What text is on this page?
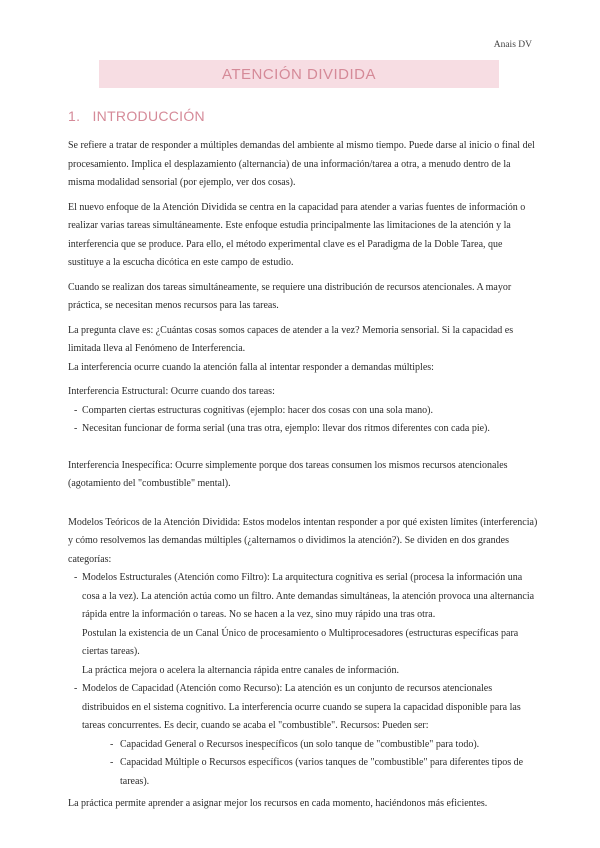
Anais DV
ATENCIÓN DIVIDIDA
1. INTRODUCCIÓN

Se refiere a tratar de responder a múltiples demandas del ambiente al mismo tiempo. Puede darse al inicio o final del procesamiento. Implica el desplazamiento (alternancia) de una información/tarea a otra, a menudo dentro de la misma modalidad sensorial (por ejemplo, ver dos cosas).

El nuevo enfoque de la Atención Dividida se centra en la capacidad para atender a varias fuentes de información o realizar varias tareas simultáneamente. Este enfoque estudia principalmente las limitaciones de la atención y la interferencia que se produce. Para ello, el método experimental clave es el Paradigma de la Doble Tarea, que sustituye a la escucha dicótica en este campo de estudio.

Cuando se realizan dos tareas simultáneamente, se requiere una distribución de recursos atencionales. A mayor práctica, se necesitan menos recursos para las tareas.

La pregunta clave es: ¿Cuántas cosas somos capaces de atender a la vez? Memoria sensorial. Si la capacidad es limitada lleva al Fenómeno de Interferencia.

La interferencia ocurre cuando la atención falla al intentar responder a demandas múltiples:

Interferencia Estructural: Ocurre cuando dos tareas:

- Comparten ciertas estructuras cognitivas (ejemplo: hacer dos cosas con una sola mano).
- Necesitan funcionar de forma serial (una tras otra, ejemplo: llevar dos ritmos diferentes con cada pie).

Interferencia Inespecífica: Ocurre simplemente porque dos tareas consumen los mismos recursos atencionales (agotamiento del "combustible" mental).

Modelos Teóricos de la Atención Dividida: Estos modelos intentan responder a por qué existen límites (interferencia) y cómo resolvemos las demandas múltiples (¿alternamos o dividimos la atención?). Se dividen en dos grandes categorías:

- Modelos Estructurales (Atención como Filtro): La arquitectura cognitiva es serial (procesa la información una cosa a la vez). La atención actúa como un filtro. Ante demandas simultáneas, la atención provoca una alternancia rápida entre la información o tareas. No se hacen a la vez, sino muy rápido una tras otra.

Postulan la existencia de un Canal Único de procesamiento o Multiprocesadores (estructuras específicas para ciertas tareas).

La práctica mejora o acelera la alternancia rápida entre canales de información.

- Modelos de Capacidad (Atención como Recurso): La atención es un conjunto de recursos atencionales distribuidos en el sistema cognitivo. La interferencia ocurre cuando se supera la capacidad disponible para las tareas concurrentes. Es decir, cuando se acaba el "combustible". Recursos: Pueden ser:

- Capacidad General o Recursos inespecíficos (un solo tanque de "combustible" para todo).
- Capacidad Múltiple o Recursos específicos (varios tanques de "combustible" para diferentes tipos de tareas).

La práctica permite aprender a asignar mejor los recursos en cada momento, haciéndonos más eficientes.
